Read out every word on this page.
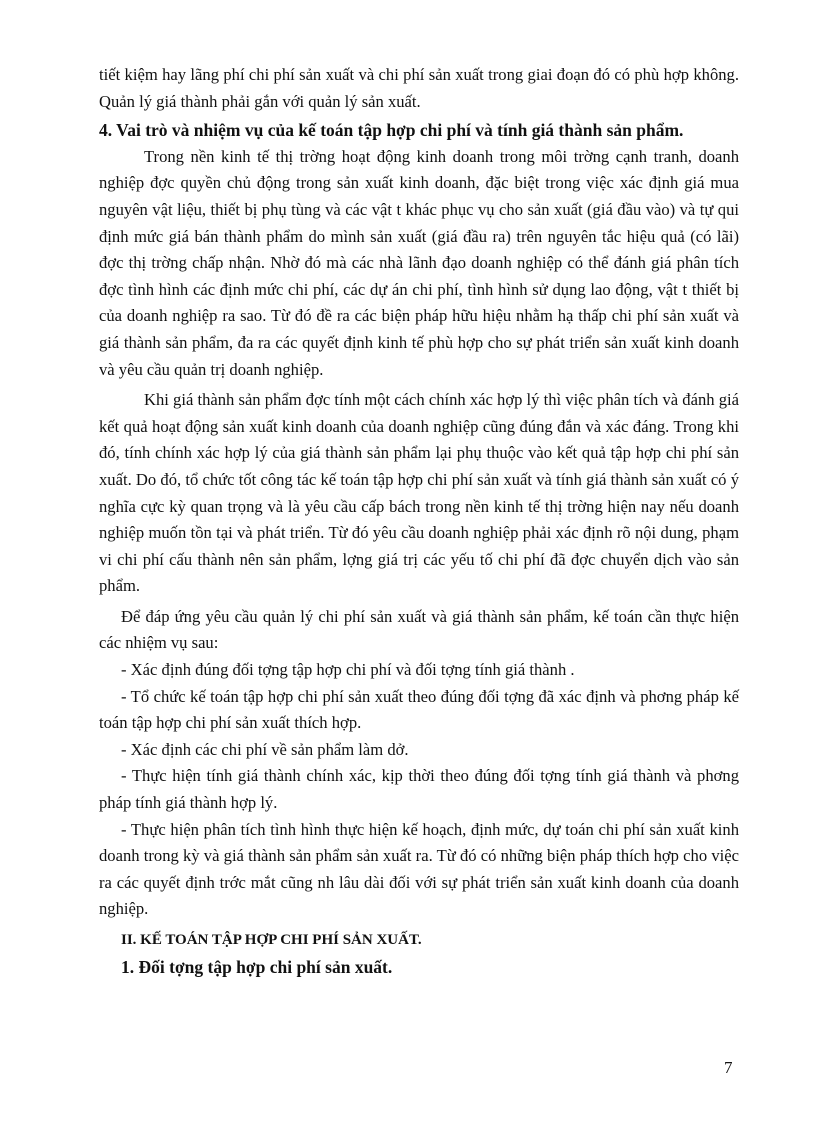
tiết kiệm hay lãng phí chi phí sản xuất và chi phí sản xuất trong giai đoạn đó có phù hợp không. Quản lý giá thành phải gắn với quản lý sản xuất.

4. Vai trò và nhiệm vụ của kế toán tập hợp chi phí và tính giá thành sản phẩm.

Trong nền kinh tế thị trờng hoạt động kinh doanh trong môi trờng cạnh tranh, doanh nghiệp đợc quyền chủ động trong sản xuất kinh doanh, đặc biệt trong việc xác định giá mua nguyên vật liệu, thiết bị phụ tùng và các vật t khác phục vụ cho sản xuất (giá đầu vào) và tự qui định mức giá bán thành phẩm do mình sản xuất (giá đầu ra) trên nguyên tắc hiệu quả (có lãi) đợc thị trờng chấp nhận. Nhờ đó mà các nhà lãnh đạo doanh nghiệp có thể đánh giá phân tích đợc tình hình các định mức chi phí, các dự án chi phí, tình hình sử dụng lao động, vật t thiết bị của doanh nghiệp ra sao. Từ đó đề ra các biện pháp hữu hiệu nhằm hạ thấp chi phí sản xuất và giá thành sản phẩm, đa ra các quyết định kinh tế phù hợp cho sự phát triển sản xuất kinh doanh và yêu cầu quản trị doanh nghiệp.

Khi giá thành sản phẩm đợc tính một cách chính xác hợp lý thì việc phân tích và đánh giá kết quả hoạt động sản xuất kinh doanh của doanh nghiệp cũng đúng đắn và xác đáng. Trong khi đó, tính chính xác hợp lý của giá thành sản phẩm lại phụ thuộc vào kết quả tập hợp chi phí sản xuất. Do đó, tổ chức tốt công tác kế toán tập hợp chi phí sản xuất và tính giá thành sản xuất có ý nghĩa cực kỳ quan trọng và là yêu cầu cấp bách trong nền kinh tế thị trờng hiện nay nếu doanh nghiệp muốn tồn tại và phát triển. Từ đó yêu cầu doanh nghiệp phải xác định rõ nội dung, phạm vi chi phí cấu thành nên sản phẩm, lợng giá trị các yếu tố chi phí đã đợc chuyển dịch vào sản phẩm.

Để đáp ứng yêu cầu quản lý chi phí sản xuất và giá thành sản phẩm, kế toán cần thực hiện các nhiệm vụ sau:

- Xác định đúng đối tợng tập hợp chi phí và đối tợng tính giá thành .

- Tổ chức kế toán tập hợp chi phí sản xuất theo đúng đối tợng đã xác định và phơng pháp kế toán tập hợp chi phí sản xuất thích hợp.

- Xác định các chi phí về sản phẩm làm dở.

- Thực hiện tính giá thành chính xác, kịp thời theo đúng đối tợng tính giá thành và phơng pháp tính giá thành hợp lý.

- Thực hiện phân tích tình hình thực hiện kế hoạch, định mức, dự toán chi phí sản xuất kinh doanh trong kỳ và giá thành sản phẩm sản xuất ra. Từ đó có những biện pháp thích hợp cho việc ra các quyết định trớc mắt cũng nh lâu dài đối với sự phát triển sản xuất kinh doanh của doanh nghiệp.

II. KẾ TOÁN TẬP HỢP CHI PHÍ SẢN XUẤT.

1. Đối tợng tập hợp chi phí sản xuất.

7
